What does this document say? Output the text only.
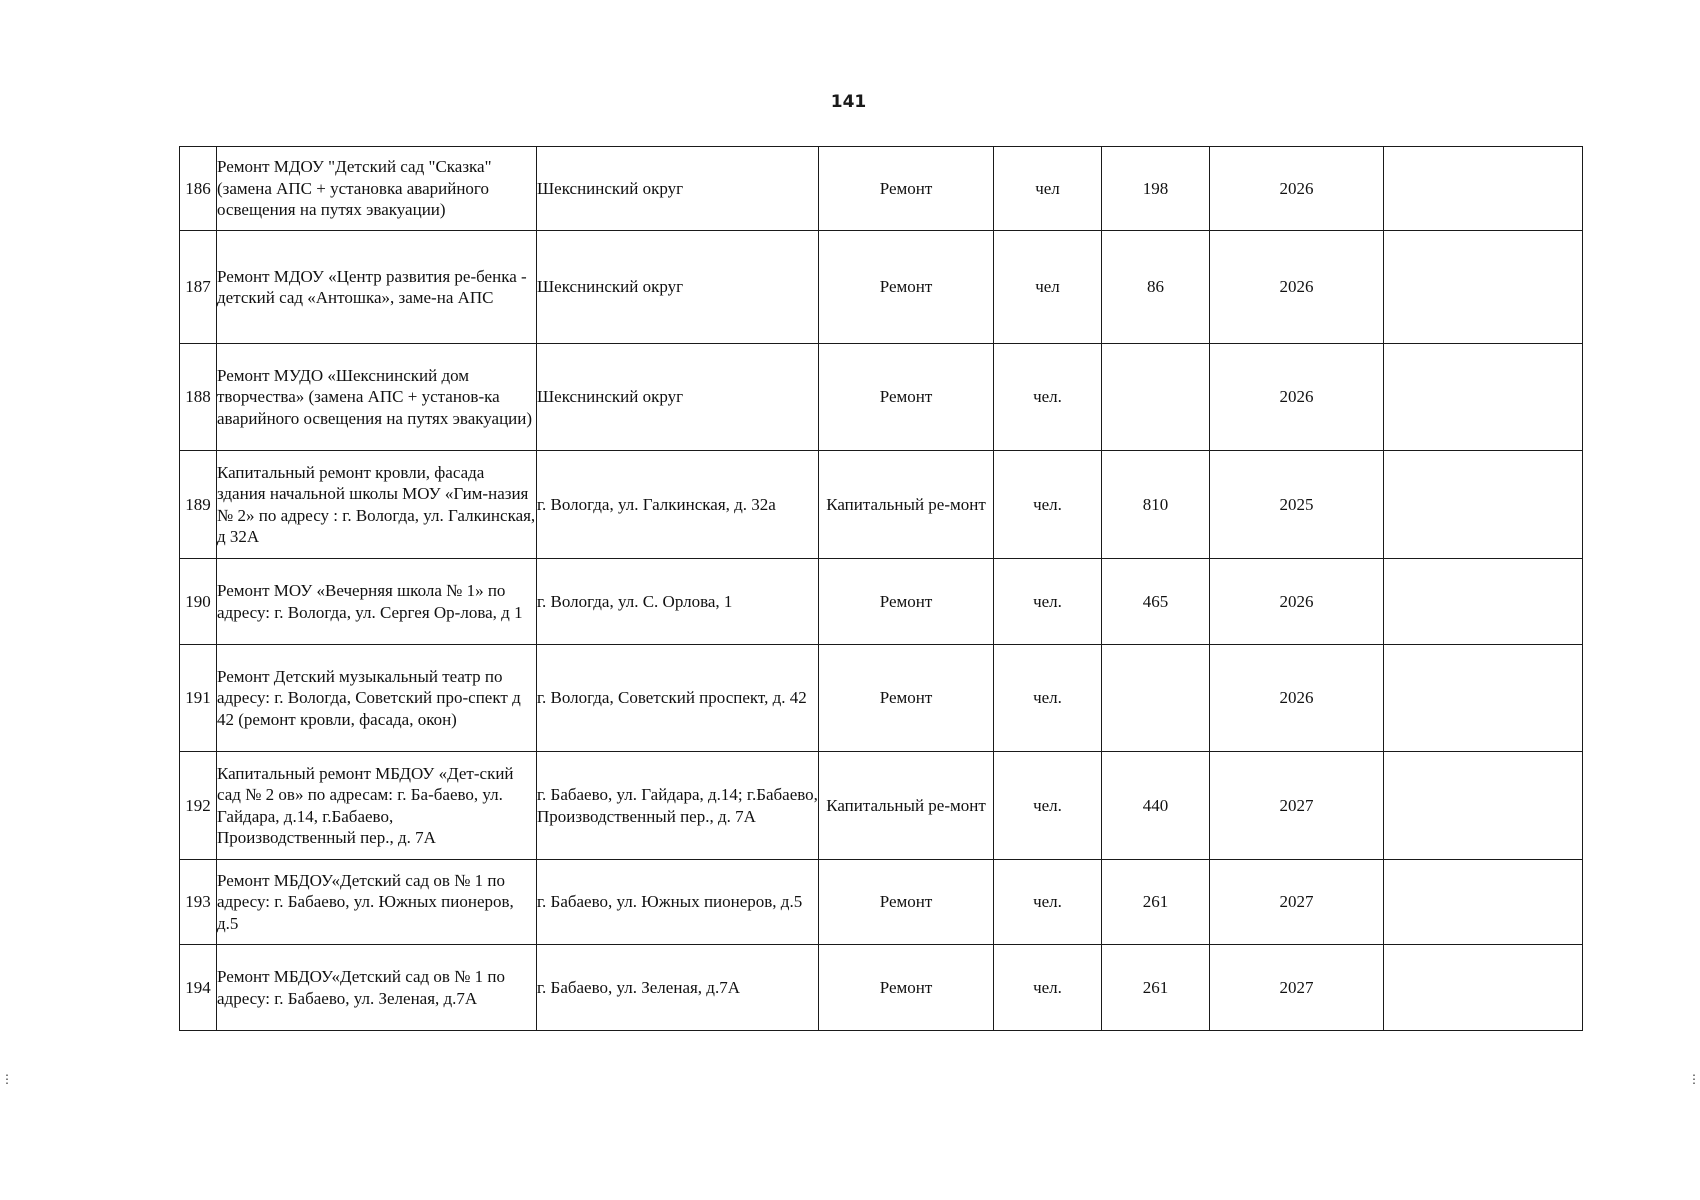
141
186	Ремонт МДОУ "Детский сад "Сказка" (замена АПС + установка аварийного освещения на путях эвакуации)	Шекснинский округ	Ремонт	чел	198	2026	
187	Ремонт МДОУ «Центр развития ре-бенка - детский сад «Антошка», заме-на АПС	Шекснинский округ	Ремонт	чел	86	2026	
188	Ремонт МУДО «Шекснинский дом творчества» (замена АПС + установ-ка аварийного освещения на путях эвакуации)	Шекснинский округ	Ремонт	чел.		2026	
189	Капитальный ремонт кровли, фасада здания начальной школы МОУ «Гим-назия № 2» по адресу : г. Вологда, ул. Галкинская, д 32А	г. Вологда, ул. Галкинская, д. 32а	Капитальный ре-монт	чел.	810	2025	
190	Ремонт МОУ «Вечерняя школа № 1» по адресу: г. Вологда, ул. Сергея Ор-лова, д 1	г. Вологда, ул. С. Орлова, 1	Ремонт	чел.	465	2026	
191	Ремонт Детский музыкальный театр по адресу: г. Вологда, Советский про-спект д 42 (ремонт кровли, фасада, окон)	г. Вологда, Советский проспект, д. 42	Ремонт	чел.		2026	
192	Капитальный ремонт МБДОУ «Дет-ский сад № 2 ов» по адресам: г. Ба-баево, ул. Гайдара, д.14, г.Бабаево, Производственный пер., д. 7А	г. Бабаево, ул. Гайдара, д.14; г.Бабаево, Производственный пер., д. 7А	Капитальный ре-монт	чел.	440	2027	
193	Ремонт МБДОУ«Детский сад ов № 1 по адресу: г. Бабаево, ул. Южных пионеров, д.5	г. Бабаево, ул. Южных пионеров, д.5	Ремонт	чел.	261	2027	
194	Ремонт МБДОУ«Детский сад ов № 1 по адресу: г. Бабаево, ул. Зеленая, д.7А	г. Бабаево, ул. Зеленая, д.7А	Ремонт	чел.	261	2027	
⋮	⋮
